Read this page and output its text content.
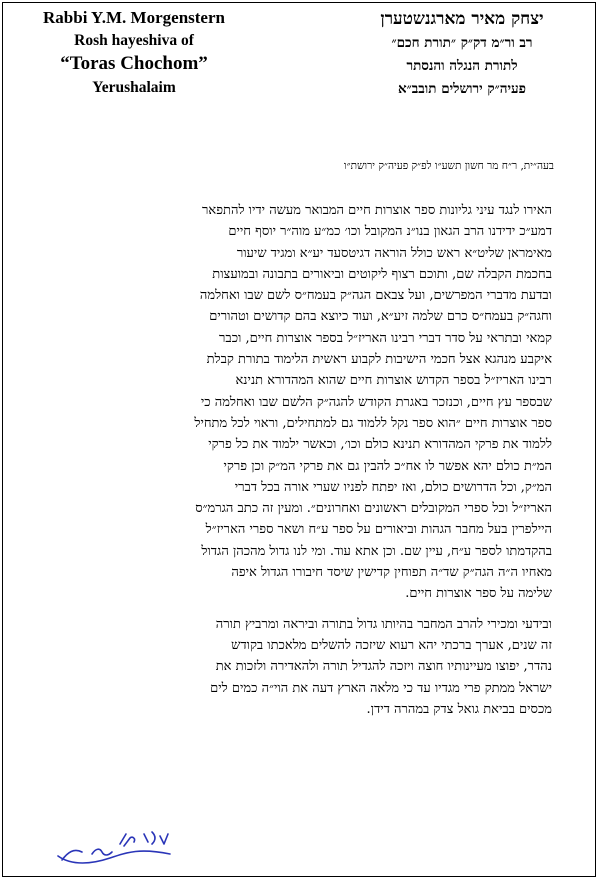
Rabbi Y.M. Morgenstern
Rosh hayeshiva of
“Toras Chochom”
Yerushalaim
יצחק מאיר מארגנשטערן
רב ור״מ דק״ק ״תורת חכם״
לתורת הנגלה והנסתר
פעיה״ק ירושלים תובב״א
בעה״ית, ר״ח מר חשון תשע״ו לפ״ק פעיה״ק ירושת״ו
האירו לנגד עיני גליונות ספר אוצרות חיים המבואר מעשה ידיו להתפאר
דמע״כ ידידנו הרב הגאון בנו״נ המקובל וכו׳ כמ״ע מוה״ר יוסף חיים
מאימראן שליט״א ראש כולל הוראה דגיטסעד יע״א ומגיד שיעור
בחכמת הקבלה שם, ותוכם רצוף ליקוטים וביאורים בתבונה ובמועצות
ובדעת מדברי המפרשים, ועל צבאם הגה״ק בעמח״ס לשם שבו ואחלמה
וחגה״ק בעמח״ס כרם שלמה זיע״א, ועוד כיוצא בהם קדושים וטהורים
קמאי ובתראי על סדר דברי רבינו האריז״ל בספר אוצרות חיים, וכבר
איקבע מנהגא אצל חכמי הישיבות לקבוע ראשית הלימוד בתורת קבלת
רבינו האריז״ל בספר הקדוש אוצרות חיים שהוא המהדורא תנינא
שבספר עץ חיים, וכנזכר באגרת הקודש להגה״ק הלשם שבו ואחלמה כי
ספר אוצרות חיים ״הוא ספר נקל ללמוד גם למתחילים, וראוי לכל מתחיל
ללמוד את פרקי המהדורא תנינא כולם וכו׳, וכאשר ילמוד את כל פרקי
המ״ת כולם יהא אפשר לו אח״כ להבין גם את פרקי המ״ק וכן פרקי
המ״ק, וכל הדרושים כולם, ואז יפתח לפניו שערי אורה בכל דברי
האריז״ל וכל ספרי המקובלים ראשונים ואחרונים״. ומעין זה כתב הגרמ״ס
היילפרין בעל מחבר הגהות וביאורים על ספר ע״ח ושאר ספרי האריז״ל
בהקדמתו לספר ע״ח, עיין שם. וכן אתא עוד. ומי לנו גדול מהכהן הגדול
מאחיו ה״ה הגה״ק שד״ה תפוחין קדישין שיסד חיבורו הגדול איפה
שלימה על ספר אוצרות חיים.
ובידעי ומכירי להרב המחבר בהיותו גדול בתורה וביראה ומרביץ תורה
זה שנים, אערך ברכתי יהא רעוא שיזכה להשלים מלאכתו בקודש
נהדר, יפוצו מעיינותיו חוצה ויזכה להגדיל תורה ולהאדירה ולזכות את
ישראל ממתק פרי מגדיו עד כי מלאה הארץ דעה את הוי״ה כמים לים
מכסים בביאת גואל צדק במהרה דידן.
